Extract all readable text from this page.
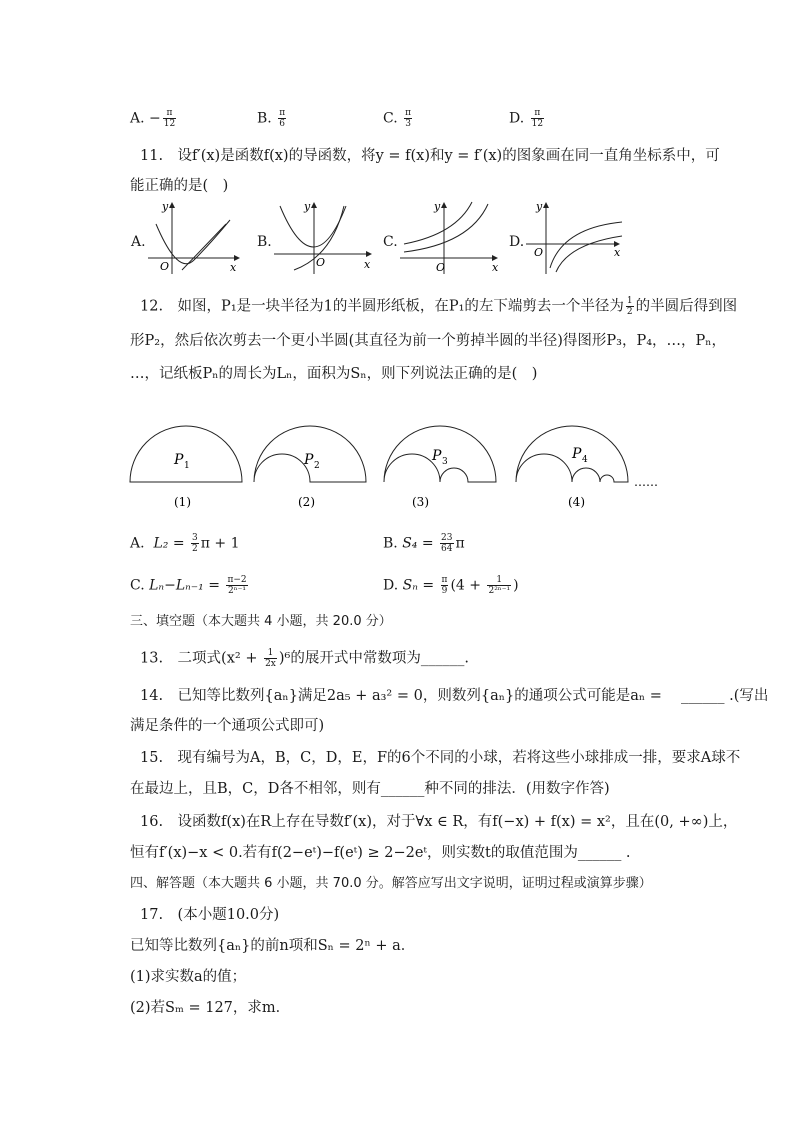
A. − $\frac{\pi}{12}$	B. $\frac{\pi}{6}$	C. $\frac{\pi}{3}$	D. $\frac{\pi}{12}$
11. 设f′(x)是函数f(x)的导函数，将y = f(x)和y = f′(x)的图象画在同一直角坐标系中，可
能正确的是( )
A.
y
x
O
B.
y
x
O
C.
y
x
O
D.
y
x
O
12. 如图，P₁是一块半径为1的半圆形纸板，在P₁的左下端剪去一个半径为 $\frac{1}{2}$ 的半圆后得到图
形P₂，然后依次剪去一个更小半圆(其直径为前一个剪掉半圆的半径)得图形P₃，P₄，…，Pₙ，
…，记纸板Pₙ的周长为Lₙ，面积为Sₙ，则下列说法正确的是( )
P 1
(1)
P 2
(2)
P 3
(3)
P 4
(4)
……
A. $L_2 = \frac{3}{2}$ π + 1	B. $S_4 = \frac{23}{64}$ π
C. $L_n-L_{n-1} = \frac{\pi-2}{\text{2ⁿ⁻¹}}$	D. $S_n = \frac{\pi}{9} (4 + \frac{1}{\text{2²ⁿ⁻¹}}$ )
三、填空题（本大题共 4 小题，共 20.0 分）
13. 二项式$(x^2 + \frac{1}{2x} )^6$的展开式中常数项为______.
14. 已知等比数列{aₙ}满足2a₅ + a₃² = 0，则数列{aₙ}的通项公式可能是aₙ =  ______ .(写出
满足条件的一个通项公式即可)
15. 现有编号为A，B，C，D，E，F的6个不同的小球，若将这些小球排成一排，要求A球不
在最边上，且B，C，D各不相邻，则有______种不同的排法．(用数字作答)
16. 设函数f(x)在R上存在导数f′(x)，对于∀x ∈ R，有f(−x) + f(x) = x²，且在(0, +∞)上，
恒有f′(x)−x < 0.若有f(2−eᵗ)−f(eᵗ) ≥ 2−2eᵗ，则实数t的取值范围为______ .
四、解答题（本大题共 6 小题，共 70.0 分。解答应写出文字说明，证明过程或演算步骤）
17. (本小题10.0分)
已知等比数列{aₙ}的前n项和Sₙ = 2ⁿ + a．
(1)求实数a的值；
(2)若Sₘ = 127，求m．
